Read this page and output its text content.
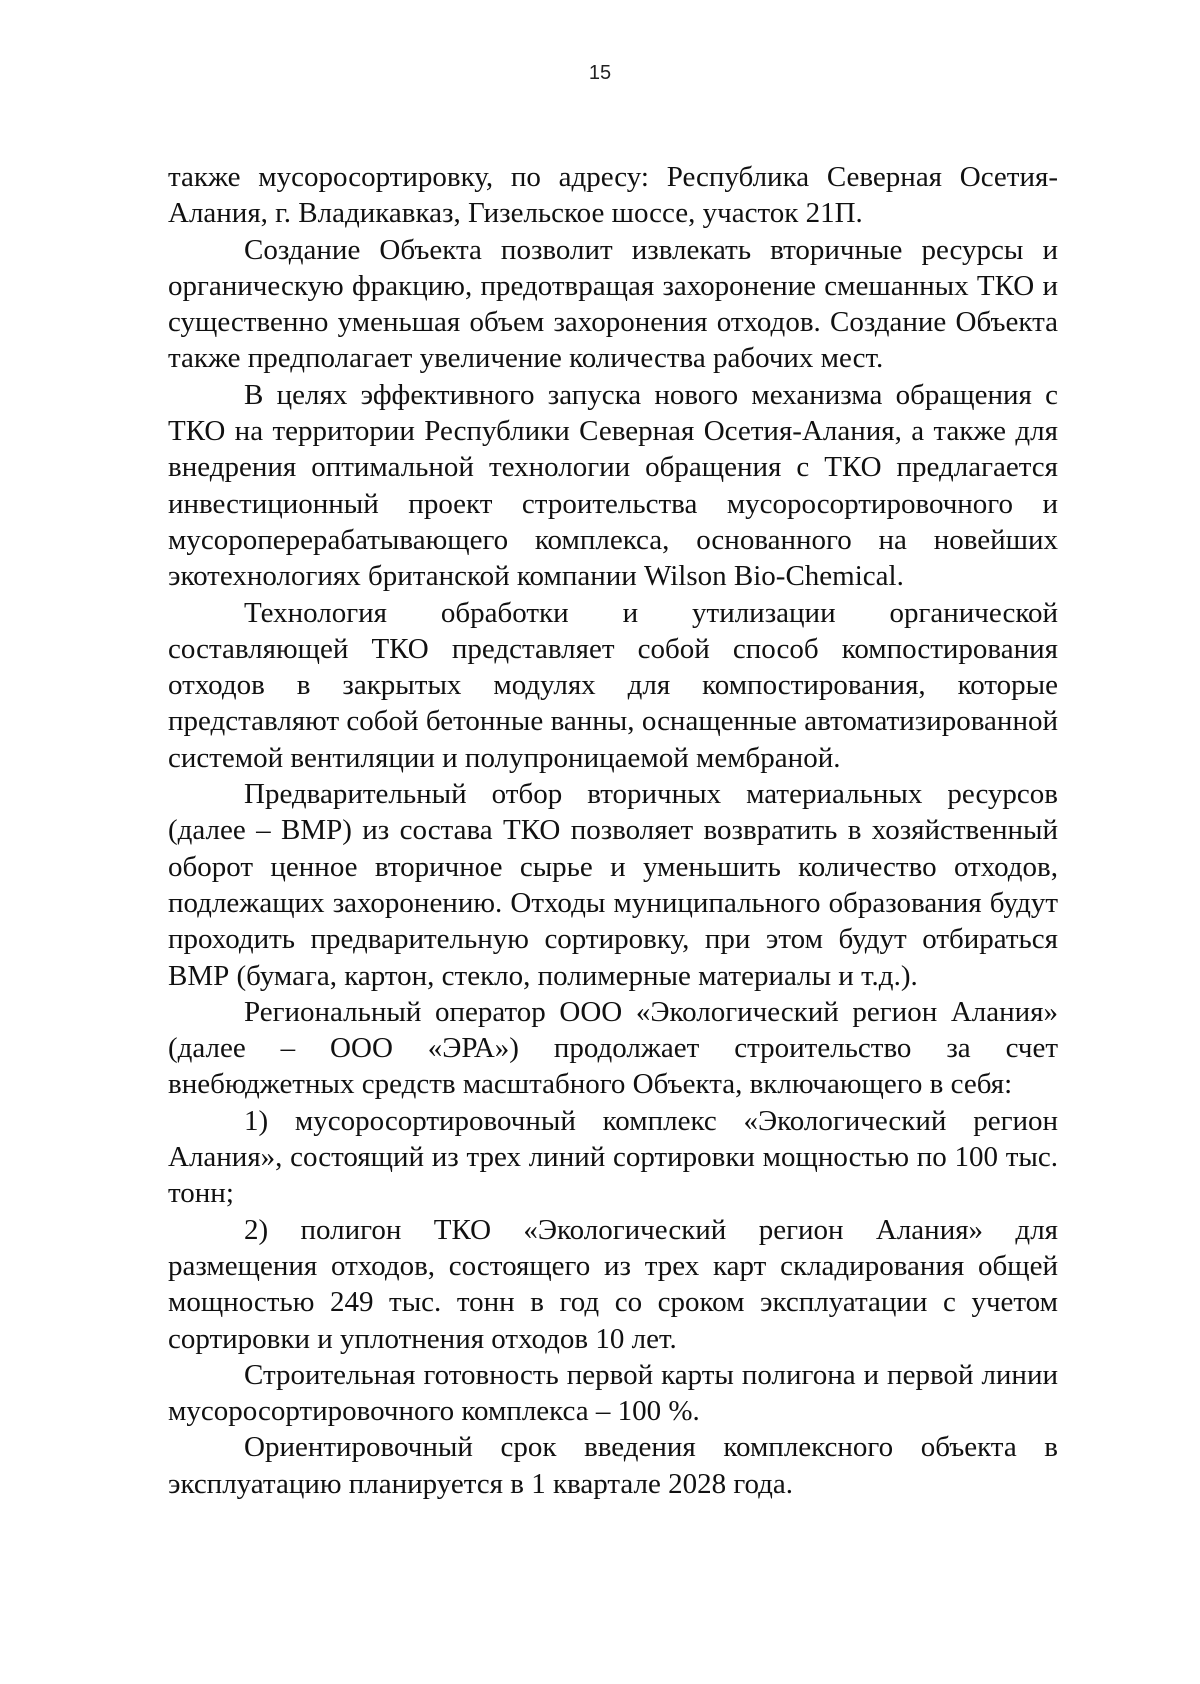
15

также мусоросортировку, по адресу: Республика Северная Осетия-Алания, г. Владикавказ, Гизельское шоссе, участок 21П.

Создание Объекта позволит извлекать вторичные ресурсы и органическую фракцию, предотвращая захоронение смешанных ТКО и существенно уменьшая объем захоронения отходов. Создание Объекта также предполагает увеличение количества рабочих мест.

В целях эффективного запуска нового механизма обращения с ТКО на территории Республики Северная Осетия-Алания, а также для внедрения оптимальной технологии обращения с ТКО предлагается инвестиционный проект строительства мусоросортировочного и мусороперерабатывающего комплекса, основанного на новейших экотехнологиях британской компании Wilson Bio-Chemical.

Технология обработки и утилизации органической составляющей ТКО представляет собой способ компостирования отходов в закрытых модулях для компостирования, которые представляют собой бетонные ванны, оснащенные автоматизированной системой вентиляции и полупроницаемой мембраной.

Предварительный отбор вторичных материальных ресурсов (далее – ВМР) из состава ТКО позволяет возвратить в хозяйственный оборот ценное вторичное сырье и уменьшить количество отходов, подлежащих захоронению. Отходы муниципального образования будут проходить предварительную сортировку, при этом будут отбираться ВМР (бумага, картон, стекло, полимерные материалы и т.д.).

Региональный оператор ООО «Экологический регион Алания» (далее – ООО «ЭРА») продолжает строительство за счет внебюджетных средств масштабного Объекта, включающего в себя:

1) мусоросортировочный комплекс «Экологический регион Алания», состоящий из трех линий сортировки мощностью по 100 тыс. тонн;

2) полигон ТКО «Экологический регион Алания» для размещения отходов, состоящего из трех карт складирования общей мощностью 249 тыс. тонн в год со сроком эксплуатации с учетом сортировки и уплотнения отходов 10 лет.

Строительная готовность первой карты полигона и первой линии мусоросортировочного комплекса – 100 %.

Ориентировочный срок введения комплексного объекта в эксплуатацию планируется в 1 квартале 2028 года.
